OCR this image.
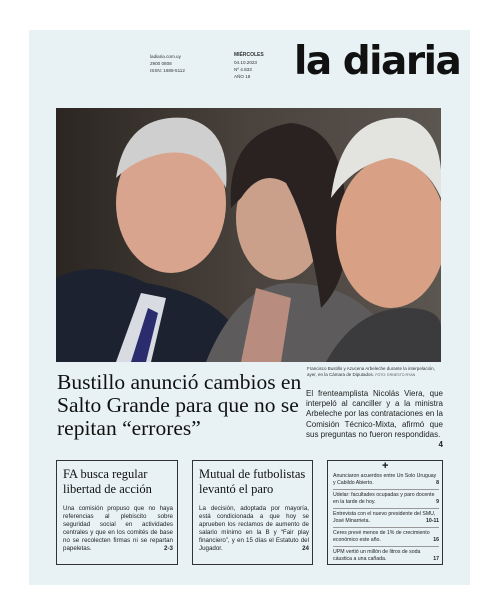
ladiaria.com.uy
2900 0808
ISSN: 1688-5112
MIÉRCOLES
04.10.2023
Nº 4.833
AÑO 18	la diaria
Francisco Bustillo y Azucena Arbeleche durante la interpelación, ayer, en la Cámara de Diputados. FOTO: ERNESTO RYAN
Bustillo anunció cambios en Salto Grande para que no se repitan “errores”
El frenteamplista Nicolás Viera, que interpeló al canciller y a la ministra Arbeleche por las contrataciones en la Comisión Técnico-Mixta, afirmó que sus preguntas no fueron respondidas.
4
FA busca regular libertad de acción
Una comisión propuso que no haya referencias al plebiscito sobre seguridad social en actividades centrales y que en los comités de base no se recolecten firmas ni se repartan papeletas.	2-3
Mutual de futbolistas levantó el paro
La decisión, adoptada por mayoría, está condicionada a que hoy se aprueben los reclamos de aumento de salario mínimo en la B y “Fair play financiero”, y en 15 días el Estatuto del Jugador.	24
+
Anunciaron acuerdos entre Un Solo Uruguay y Cabildo Abierto.	8
Udelar: facultades ocupadas y paro docente en la tarde de hoy.	9
Entrevista con el nuevo presidente del SMU, José Minarrieta.	10-11
Ceres prevé menos de 1% de crecimiento económico este año.	16
UPM vertió un millón de litros de soda cáustica a una cañada.	17
